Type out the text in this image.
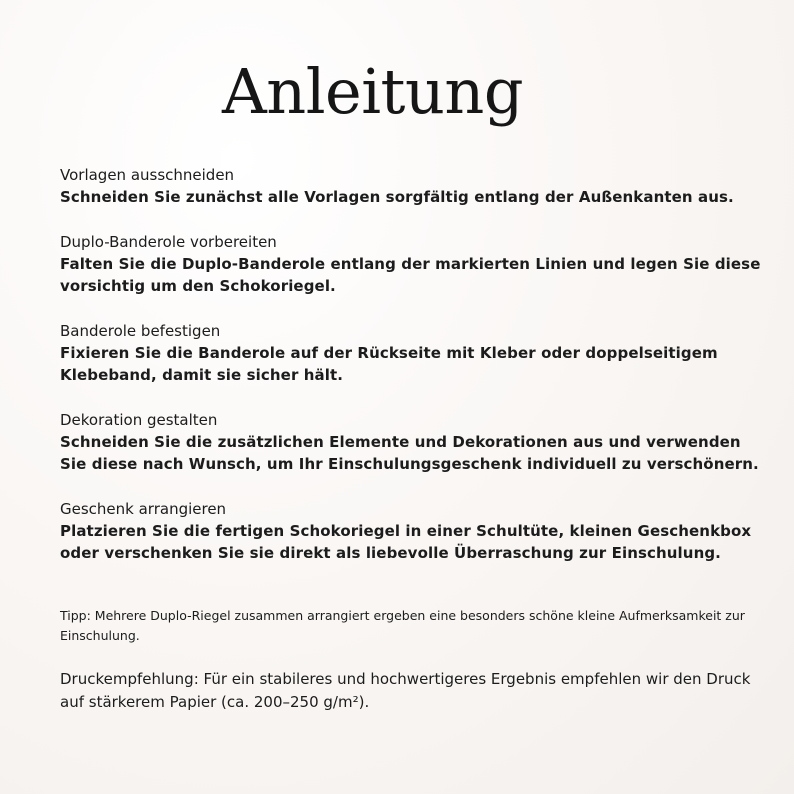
Anleitung
Vorlagen ausschneiden
Schneiden Sie zunächst alle Vorlagen sorgfältig entlang der Außenkanten aus.
Duplo-Banderole vorbereiten
Falten Sie die Duplo-Banderole entlang der markierten Linien und legen Sie diese vorsichtig um den Schokoriegel.
Banderole befestigen
Fixieren Sie die Banderole auf der Rückseite mit Kleber oder doppelseitigem Klebeband, damit sie sicher hält.
Dekoration gestalten
Schneiden Sie die zusätzlichen Elemente und Dekorationen aus und verwenden Sie diese nach Wunsch, um Ihr Einschulungsgeschenk individuell zu verschönern.
Geschenk arrangieren
Platzieren Sie die fertigen Schokoriegel in einer Schultüte, kleinen Geschenkbox oder verschenken Sie sie direkt als liebevolle Überraschung zur Einschulung.

Tipp: Mehrere Duplo-Riegel zusammen arrangiert ergeben eine besonders schöne kleine Aufmerksamkeit zur Einschulung.

Druckempfehlung: Für ein stabileres und hochwertigeres Ergebnis empfehlen wir den Druck auf stärkerem Papier (ca. 200–250 g/m²).
